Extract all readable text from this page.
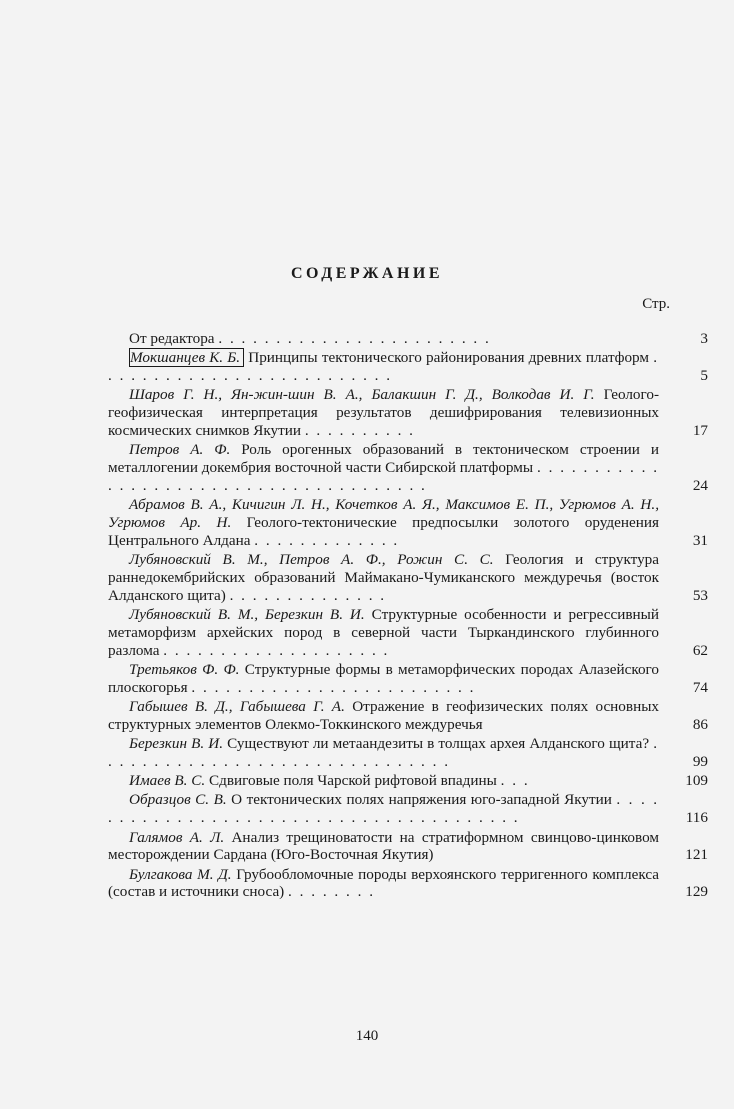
СОДЕРЖАНИЕ
Стр.
От редактора . . . . . . . . . . . . . . . . . . . . . . . .	3
Мокшанцев К. Б. Принципы тектонического районирования древних платформ . . . . . . . . . . . . . . . . . . . . . . . . . .	5
Шаров Г. Н., Ян-жин-шин В. А., Балакшин Г. Д., Волкодав И. Г. Геолого-геофизическая интерпретация результатов дешифрирования телевизионных космических снимков Якутии . . . . . . . . . .	17
Петров А. Ф. Роль орогенных образований в тектоническом строении и металлогении докембрия восточной части Сибирской платформы . . . . . . . . . . . . . . . . . . . . . . . . . . . . . . . . . . . . . . .	24
Абрамов В. А., Кичигин Л. Н., Кочетков А. Я., Максимов Е. П., Угрюмов А. Н., Угрюмов Ар. Н. Геолого-тектонические предпосылки золотого оруденения Центрального Алдана . . . . . . . . . . . . .	31
Лубяновский В. М., Петров А. Ф., Рожин С. С. Геология и структура раннедокембрийских образований Маймакано-Чумиканского междуречья (восток Алданского щита) . . . . . . . . . . . . . .	53
Лубяновский В. М., Березкин В. И. Структурные особенности и регрессивный метаморфизм архейских пород в северной части Тыркандинского глубинного разлома . . . . . . . . . . . . . . . . . . . .	62
Третьяков Ф. Ф. Структурные формы в метаморфических породах Алазейского плоскогорья . . . . . . . . . . . . . . . . . . . . . . . . .	74
Габышев В. Д., Габышева Г. А. Отражение в геофизических полях основных структурных элементов Олекмо-Токкинского междуречья	86
Березкин В. И. Существуют ли метаандезиты в толщах архея Алданского щита? . . . . . . . . . . . . . . . . . . . . . . . . . . . . . . .	99
Имаев В. С. Сдвиговые поля Чарской рифтовой впадины . . .	109
Образцов С. В. О тектонических полях напряжения юго-западной Якутии . . . . . . . . . . . . . . . . . . . . . . . . . . . . . . . . . . . . . . . .	116
Галямов А. Л. Анализ трещиноватости на стратиформном свинцово-цинковом месторождении Сардана (Юго-Восточная Якутия)	121
Булгакова М. Д. Грубообломочные породы верхоянского терригенного комплекса (состав и источники сноса) . . . . . . . .	129
140
